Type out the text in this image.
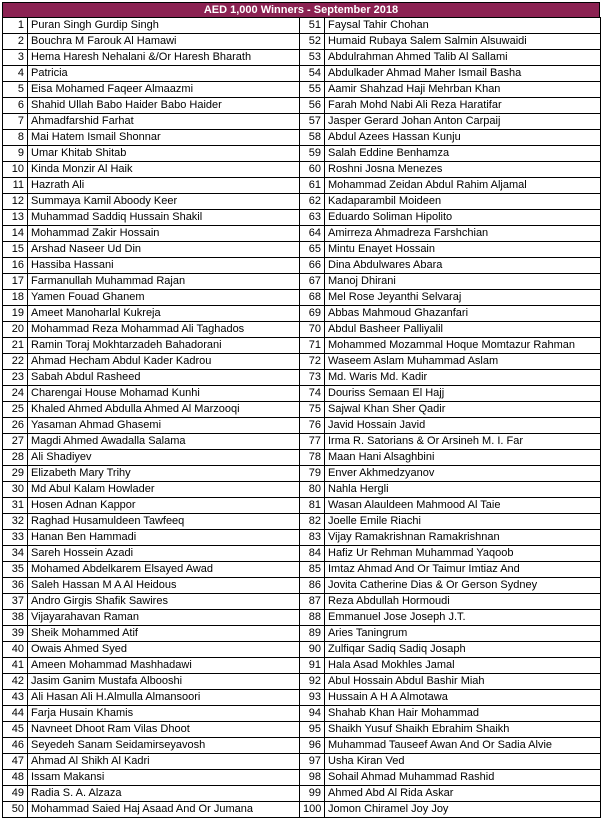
AED 1,000 Winners - September 2018
1	Puran Singh Gurdip Singh	51	Faysal Tahir Chohan
2	Bouchra M Farouk Al Hamawi	52	Humaid Rubaya Salem Salmin Alsuwaidi
3	Hema Haresh Nehalani &/Or Haresh Bharath	53	Abdulrahman Ahmed Talib Al Sallami
4	Patricia	54	Abdulkader Ahmad Maher Ismail Basha
5	Eisa Mohamed Faqeer Almaazmi	55	Aamir Shahzad Haji Mehrban Khan
6	Shahid Ullah Babo Haider Babo Haider	56	Farah Mohd Nabi Ali Reza Haratifar
7	Ahmadfarshid Farhat	57	Jasper Gerard Johan Anton Carpaij
8	Mai Hatem Ismail Shonnar	58	Abdul Azees Hassan Kunju
9	Umar Khitab Shitab	59	Salah Eddine Benhamza
10	Kinda Monzir Al Haik	60	Roshni Josna Menezes
11	Hazrath Ali	61	Mohammad Zeidan Abdul Rahim Aljamal
12	Summaya Kamil Aboody Keer	62	Kadaparambil Moideen
13	Muhammad Saddiq Hussain Shakil	63	Eduardo Soliman Hipolito
14	Mohammad Zakir Hossain	64	Amirreza Ahmadreza Farshchian
15	Arshad Naseer Ud Din	65	Mintu Enayet Hossain
16	Hassiba Hassani	66	Dina Abdulwares Abara
17	Farmanullah Muhammad Rajan	67	Manoj Dhirani
18	Yamen Fouad Ghanem	68	Mel Rose Jeyanthi Selvaraj
19	Ameet Manoharlal Kukreja	69	Abbas Mahmoud Ghazanfari
20	Mohammad Reza Mohammad Ali Taghados	70	Abdul Basheer Palliyalil
21	Ramin Toraj Mokhtarzadeh Bahadorani	71	Mohammed Mozammal Hoque Momtazur Rahman
22	Ahmad Hecham Abdul Kader Kadrou	72	Waseem Aslam Muhammad Aslam
23	Sabah Abdul Rasheed	73	Md. Waris Md. Kadir
24	Charengai House Mohamad Kunhi	74	Douriss Semaan El Hajj
25	Khaled Ahmed Abdulla Ahmed Al Marzooqi	75	Sajwal Khan Sher Qadir
26	Yasaman Ahmad Ghasemi	76	Javid Hossain Javid
27	Magdi Ahmed Awadalla Salama	77	Irma R. Satorians & Or Arsineh M. I. Far
28	Ali Shadiyev	78	Maan Hani Alsaghbini
29	Elizabeth Mary Trihy	79	Enver Akhmedzyanov
30	Md Abul Kalam Howlader	80	Nahla Hergli
31	Hosen Adnan Kappor	81	Wasan Alauldeen Mahmood Al Taie
32	Raghad Husamuldeen Tawfeeq	82	Joelle Emile Riachi
33	Hanan Ben Hammadi	83	Vijay Ramakrishnan Ramakrishnan
34	Sareh Hossein Azadi	84	Hafiz Ur Rehman Muhammad Yaqoob
35	Mohamed Abdelkarem Elsayed Awad	85	Imtaz Ahmad And Or Taimur Imtiaz And
36	Saleh Hassan M A Al Heidous	86	Jovita Catherine Dias & Or Gerson Sydney
37	Andro Girgis Shafik Sawires	87	Reza Abdullah Hormoudi
38	Vijayarahavan Raman	88	Emmanuel Jose Joseph J.T.
39	Sheik Mohammed Atif	89	Aries Taningrum
40	Owais Ahmed Syed	90	Zulfiqar Sadiq Sadiq Josaph
41	Ameen Mohammad Mashhadawi	91	Hala Asad Mokhles Jamal
42	Jasim Ganim Mustafa Albooshi	92	Abul Hossain Abdul Bashir Miah
43	Ali Hasan Ali H.Almulla Almansoori	93	Hussain A H A Almotawa
44	Farja Husain Khamis	94	Shahab Khan Hair Mohammad
45	Navneet Dhoot Ram Vilas Dhoot	95	Shaikh Yusuf Shaikh Ebrahim Shaikh
46	Seyedeh Sanam Seidamirseyavosh	96	Muhammad Tauseef Awan And Or Sadia Alvie
47	Ahmad Al Shikh Al Kadri	97	Usha Kiran Ved
48	Issam Makansi	98	Sohail Ahmad Muhammad Rashid
49	Radia S. A. Alzaza	99	Ahmed Abd Al Rida Askar
50	Mohammad Saied Haj Asaad And Or Jumana	100	Jomon Chiramel Joy Joy
